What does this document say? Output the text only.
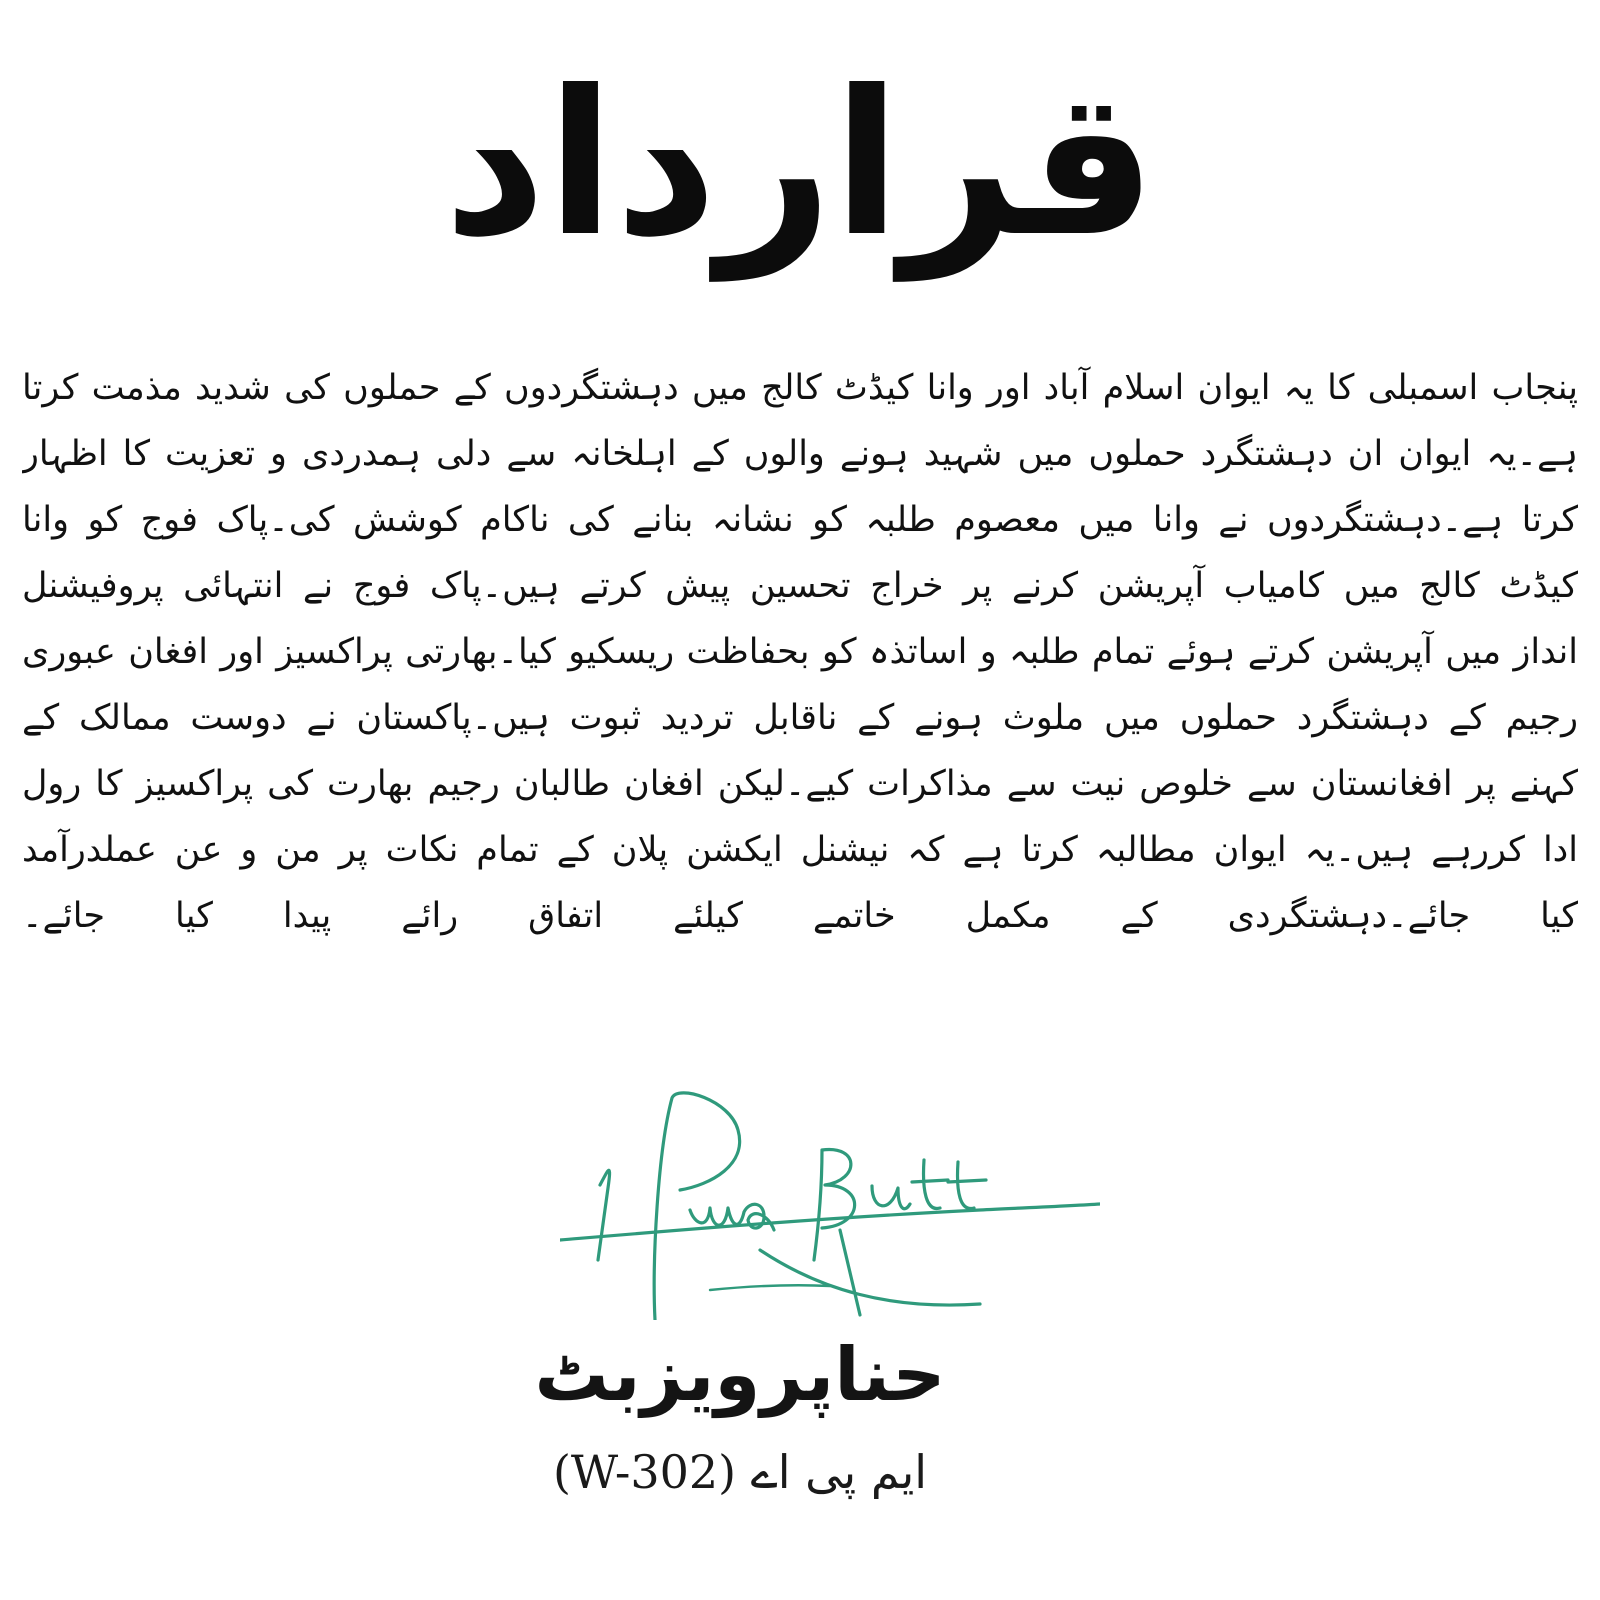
قرارداد
پنجاب اسمبلی کا یہ ایوان اسلام آباد اور وانا کیڈٹ کالج میں دہشتگردوں کے حملوں کی شدید مذمت کرتا
ہے۔یہ ایوان ان دہشتگرد حملوں میں شہید ہونے والوں کے اہلخانہ سے دلی ہمدردی و تعزیت کا اظہار
کرتا ہے۔دہشتگردوں نے وانا میں معصوم طلبہ کو نشانہ بنانے کی ناکام کوشش کی۔پاک فوج کو وانا
کیڈٹ کالج میں کامیاب آپریشن کرنے پر خراج تحسین پیش کرتے ہیں۔پاک فوج نے انتہائی پروفیشنل
انداز میں آپریشن کرتے ہوئے تمام طلبہ و اساتذہ کو بحفاظت ریسکیو کیا۔بھارتی پراکسیز اور افغان عبوری
رجیم کے دہشتگرد حملوں میں ملوث ہونے کے ناقابل تردید ثبوت ہیں۔پاکستان نے دوست ممالک کے
کہنے پر افغانستان سے خلوص نیت سے مذاکرات کیے۔لیکن افغان طالبان رجیم بھارت کی پراکسیز کا رول
ادا کررہے ہیں۔یہ ایوان مطالبہ کرتا ہے کہ نیشنل ایکشن پلان کے تمام نکات پر من و عن عملدرآمد
کیا جائے۔دہشتگردی کے مکمل خاتمے کیلئے اتفاق رائے پیدا کیا جائے۔
حناپرویزبٹ
ایم پی اے (W-302)
